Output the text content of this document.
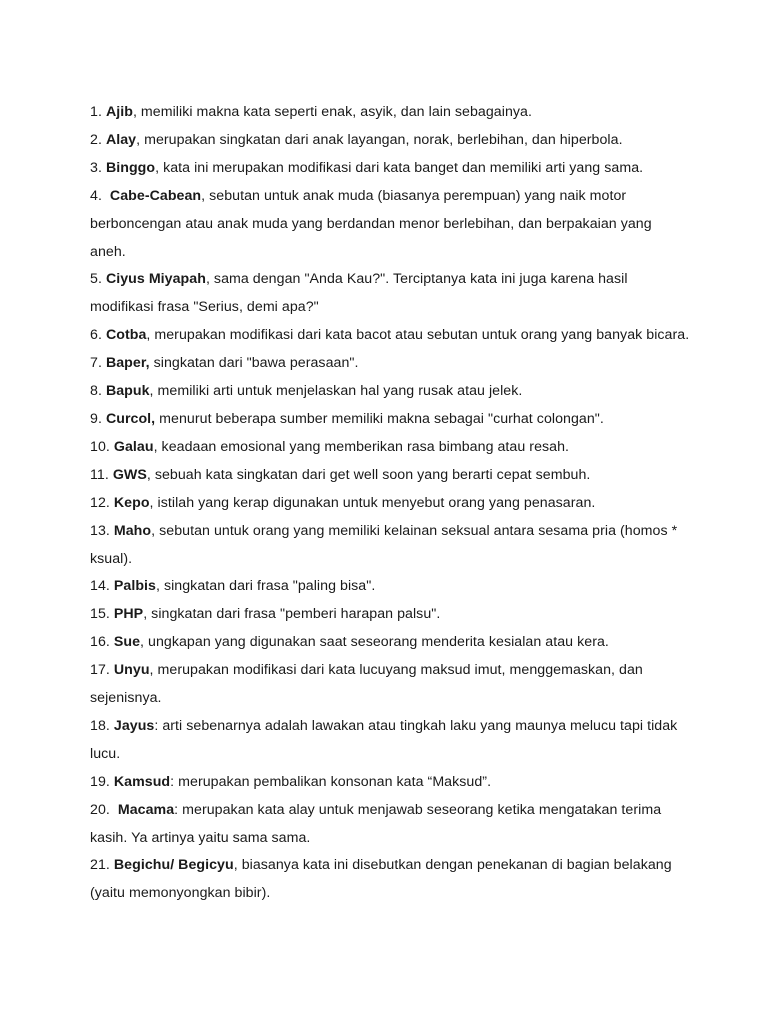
1. Ajib, memiliki makna kata seperti enak, asyik, dan lain sebagainya.
2. Alay, merupakan singkatan dari anak layangan, norak, berlebihan, dan hiperbola.
3. Binggo, kata ini merupakan modifikasi dari kata banget dan memiliki arti yang sama.
4.  Cabe-Cabean, sebutan untuk anak muda (biasanya perempuan) yang naik motor berboncengan atau anak muda yang berdandan menor berlebihan, dan berpakaian yang aneh.
5. Ciyus Miyapah, sama dengan "Anda Kau?". Terciptanya kata ini juga karena hasil modifikasi frasa "Serius, demi apa?"
6. Cotba, merupakan modifikasi dari kata bacot atau sebutan untuk orang yang banyak bicara.
7. Baper, singkatan dari "bawa perasaan".
8. Bapuk, memiliki arti untuk menjelaskan hal yang rusak atau jelek.
9. Curcol, menurut beberapa sumber memiliki makna sebagai "curhat colongan".
10. Galau, keadaan emosional yang memberikan rasa bimbang atau resah.
11. GWS, sebuah kata singkatan dari get well soon yang berarti cepat sembuh.
12. Kepo, istilah yang kerap digunakan untuk menyebut orang yang penasaran.
13. Maho, sebutan untuk orang yang memiliki kelainan seksual antara sesama pria (homos * ksual).
14. Palbis, singkatan dari frasa "paling bisa".
15. PHP, singkatan dari frasa "pemberi harapan palsu".
16. Sue, ungkapan yang digunakan saat seseorang menderita kesialan atau kera.
17. Unyu, merupakan modifikasi dari kata lucuyang maksud imut, menggemaskan, dan sejenisnya.
18. Jayus: arti sebenarnya adalah lawakan atau tingkah laku yang maunya melucu tapi tidak lucu.
19. Kamsud: merupakan pembalikan konsonan kata “Maksud”.
20.  Macama: merupakan kata alay untuk menjawab seseorang ketika mengatakan terima kasih. Ya artinya yaitu sama sama.
21. Begichu/ Begicyu, biasanya kata ini disebutkan dengan penekanan di bagian belakang (yaitu memonyongkan bibir).
